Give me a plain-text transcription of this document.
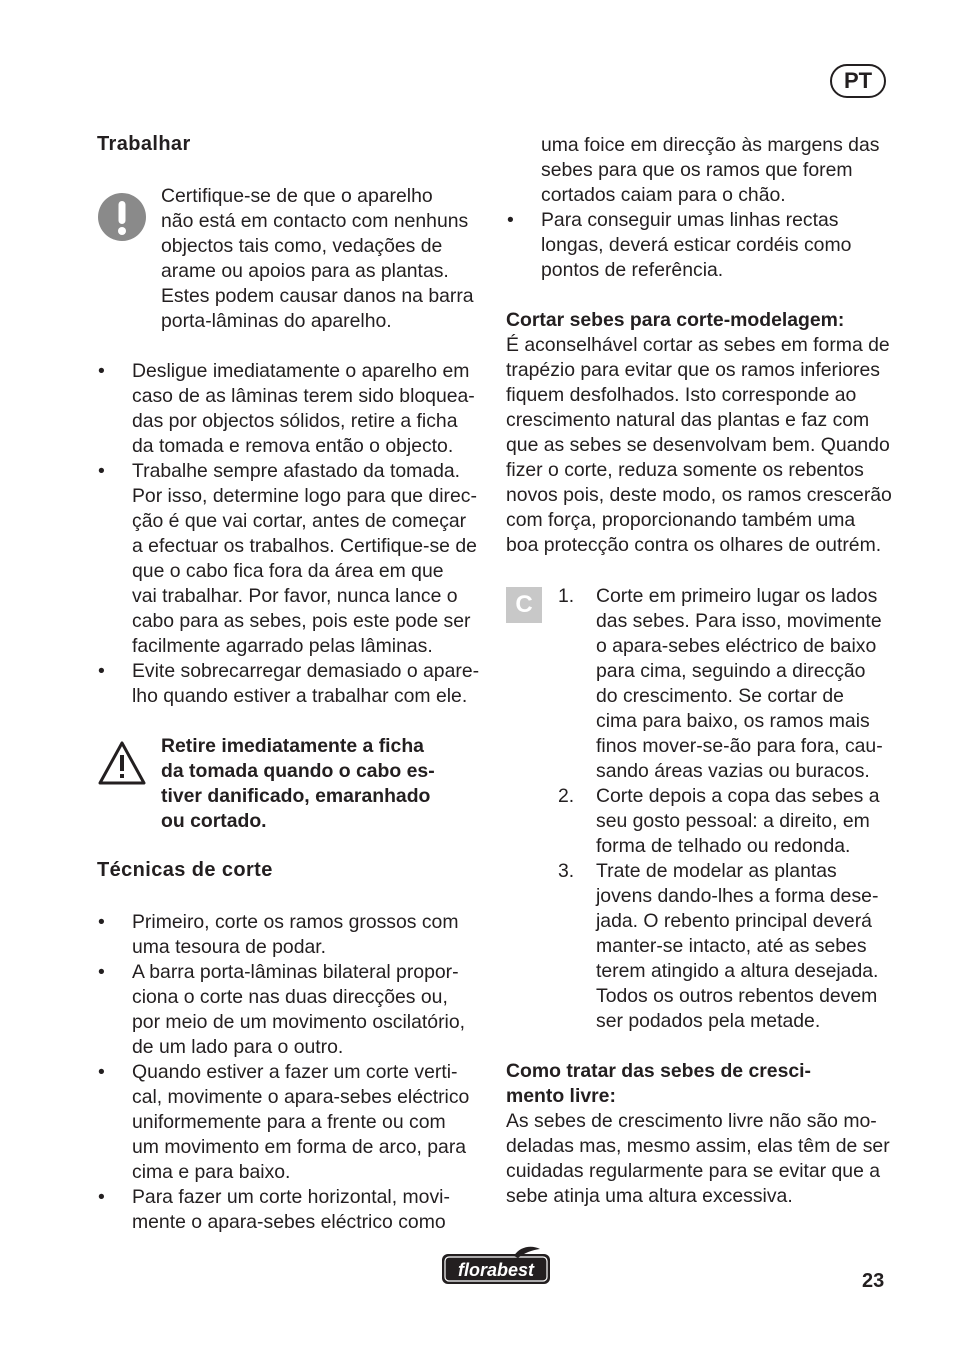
PT
Trabalhar
Certifique-se de que o aparelho
não está em contacto com nenhuns
objectos tais como, vedações de
arame ou apoios para as plantas.
Estes podem causar danos na barra
porta-lâminas do aparelho.
• Desligue imediatamente o aparelho em
caso de as lâminas terem sido bloquea-
das por objectos sólidos, retire a ficha
da tomada e remova então o objecto.
• Trabalhe sempre afastado da tomada.
Por isso, determine logo para que direc-
ção é que vai cortar, antes de começar
a efectuar os trabalhos. Certifique-se de
que o cabo fica fora da área em que
vai trabalhar. Por favor, nunca lance o
cabo para as sebes, pois este pode ser
facilmente agarrado pelas lâminas.
• Evite sobrecarregar demasiado o apare-
lho quando estiver a trabalhar com ele.
Retire imediatamente a ficha
da tomada quando o cabo es-
tiver danificado, emaranhado
ou cortado.
Técnicas de corte
• Primeiro, corte os ramos grossos com
uma tesoura de podar.
• A barra porta-lâminas bilateral propor-
ciona o corte nas duas direcções ou,
por meio de um movimento oscilatório,
de um lado para o outro.
• Quando estiver a fazer um corte verti-
cal, movimente o apara-sebes eléctrico
uniformemente para a frente ou com
um movimento em forma de arco, para
cima e para baixo.
• Para fazer um corte horizontal, movi-
mente o apara-sebes eléctrico como
uma foice em direcção às margens das
sebes para que os ramos que forem
cortados caiam para o chão.
• Para conseguir umas linhas rectas
longas, deverá esticar cordéis como
pontos de referência.
Cortar sebes para corte-modelagem:
É aconselhável cortar as sebes em forma de
trapézio para evitar que os ramos inferiores
fiquem desfolhados. Isto corresponde ao
crescimento natural das plantas e faz com
que as sebes se desenvolvam bem. Quando
fizer o corte, reduza somente os rebentos
novos pois, deste modo, os ramos crescerão
com força, proporcionando também uma
boa protecção contra os olhares de outrém.
C	1. Corte em primeiro lugar os lados
das sebes. Para isso, movimente
o apara-sebes eléctrico de baixo
para cima, seguindo a direcção
do crescimento. Se cortar de
cima para baixo, os ramos mais
finos mover-se-ão para fora, cau-
sando áreas vazias ou buracos.
2. Corte depois a copa das sebes a
seu gosto pessoal: a direito, em
forma de telhado ou redonda.
3. Trate de modelar as plantas
jovens dando-lhes a forma dese-
jada. O rebento principal deverá
manter-se intacto, até as sebes
terem atingido a altura desejada.
Todos os outros rebentos devem
ser podados pela metade.
Como tratar das sebes de cresci-
mento livre:
As sebes de crescimento livre não são mo-
deladas mas, mesmo assim, elas têm de ser
cuidadas regularmente para se evitar que a
sebe atinja uma altura excessiva.
florabest	23
